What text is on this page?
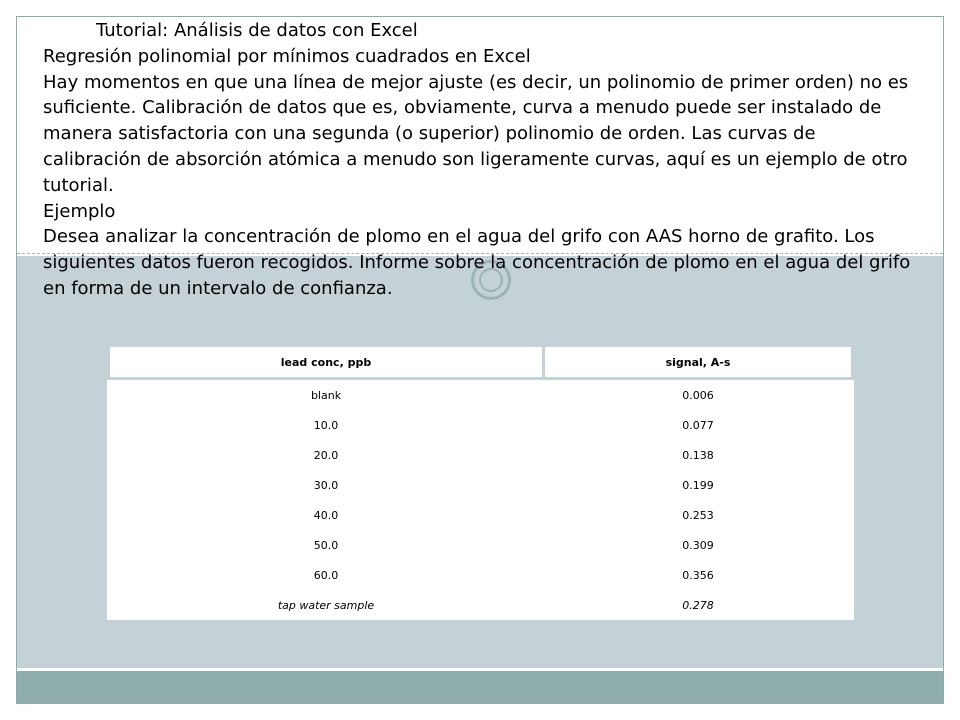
Tutorial: Análisis de datos con Excel

Regresión polinomial por mínimos cuadrados en Excel

Hay momentos en que una línea de mejor ajuste (es decir, un polinomio de primer orden) no es suficiente. Calibración de datos que es, obviamente, curva a menudo puede ser instalado de manera satisfactoria con una segunda (o superior) polinomio de orden. Las curvas de calibración de absorción atómica a menudo son ligeramente curvas, aquí es un ejemplo de otro tutorial.

Ejemplo

Desea analizar la concentración de plomo en el agua del grifo con AAS horno de grafito. Los siguientes datos fueron recogidos. Informe sobre la concentración de plomo en el agua del grifo en forma de un intervalo de confianza.

lead conc, ppb	signal, A-s
blank	0.006
10.0	0.077
20.0	0.138
30.0	0.199
40.0	0.253
50.0	0.309
60.0	0.356
tap water sample	0.278
